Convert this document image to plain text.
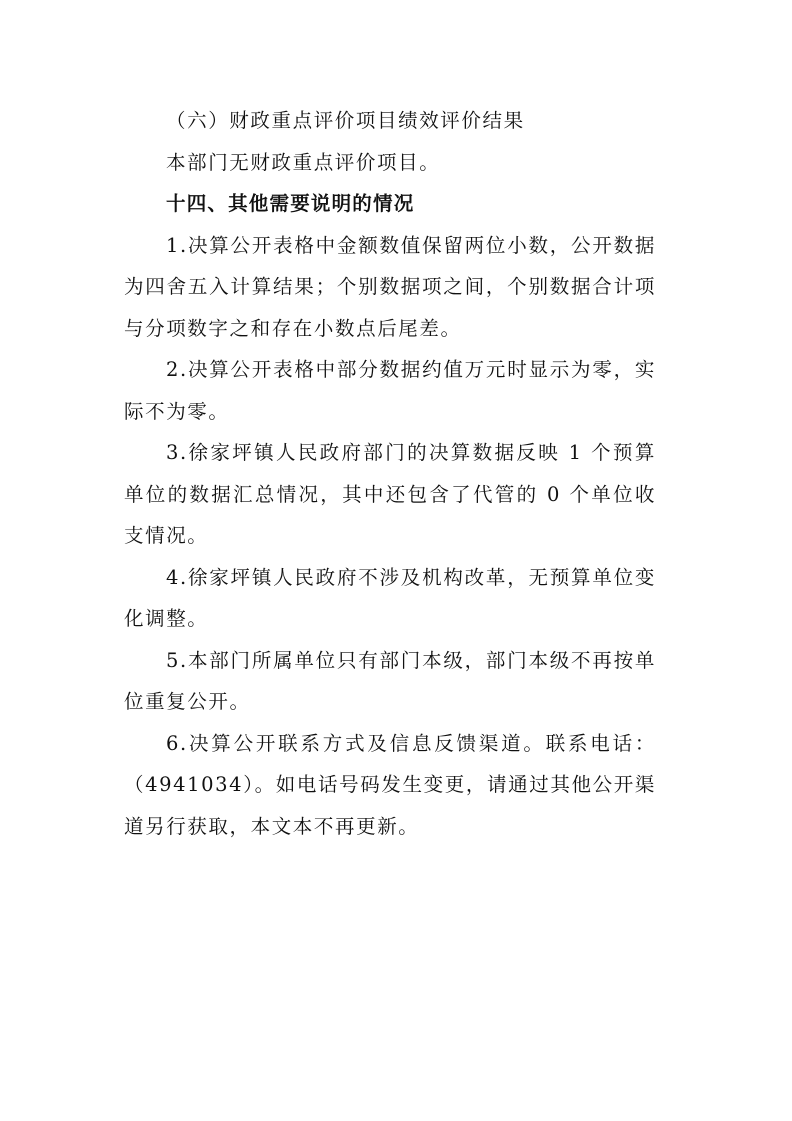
（六）财政重点评价项目绩效评价结果

本部门无财政重点评价项目。

十四、其他需要说明的情况

1.决算公开表格中金额数值保留两位小数，公开数据为四舍五入计算结果；个别数据项之间，个别数据合计项与分项数字之和存在小数点后尾差。

2.决算公开表格中部分数据约值万元时显示为零，实际不为零。

3.徐家坪镇人民政府部门的决算数据反映 1 个预算单位的数据汇总情况，其中还包含了代管的 0 个单位收支情况。

4.徐家坪镇人民政府不涉及机构改革，无预算单位变化调整。

5.本部门所属单位只有部门本级，部门本级不再按单位重复公开。

6.决算公开联系方式及信息反馈渠道。联系电话：（4941034）。如电话号码发生变更，请通过其他公开渠道另行获取，本文本不再更新。
